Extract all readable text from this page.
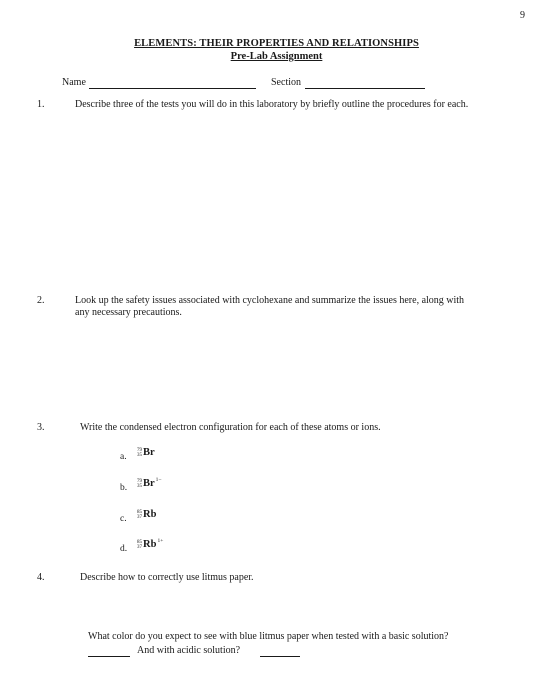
9
ELEMENTS: THEIR PROPERTIES AND RELATIONSHIPS
Pre-Lab Assignment
Name	Section
1.	Describe three of the tests you will do in this laboratory by briefly outline the procedures for each.
2.	Look up the safety issues associated with cyclohexane and summarize the issues here, along with
any necessary precautions.
3.	Write the condensed electron configuration for each of these atoms or ions.
a.
79
35 Br
b.
79
35 Br 1−
c.
85
37 Rb
d.
85
37 Rb 1+
4.	Describe how to correctly use litmus paper.
What color do you expect to see with blue litmus paper when tested with a basic solution?
And with acidic solution?
